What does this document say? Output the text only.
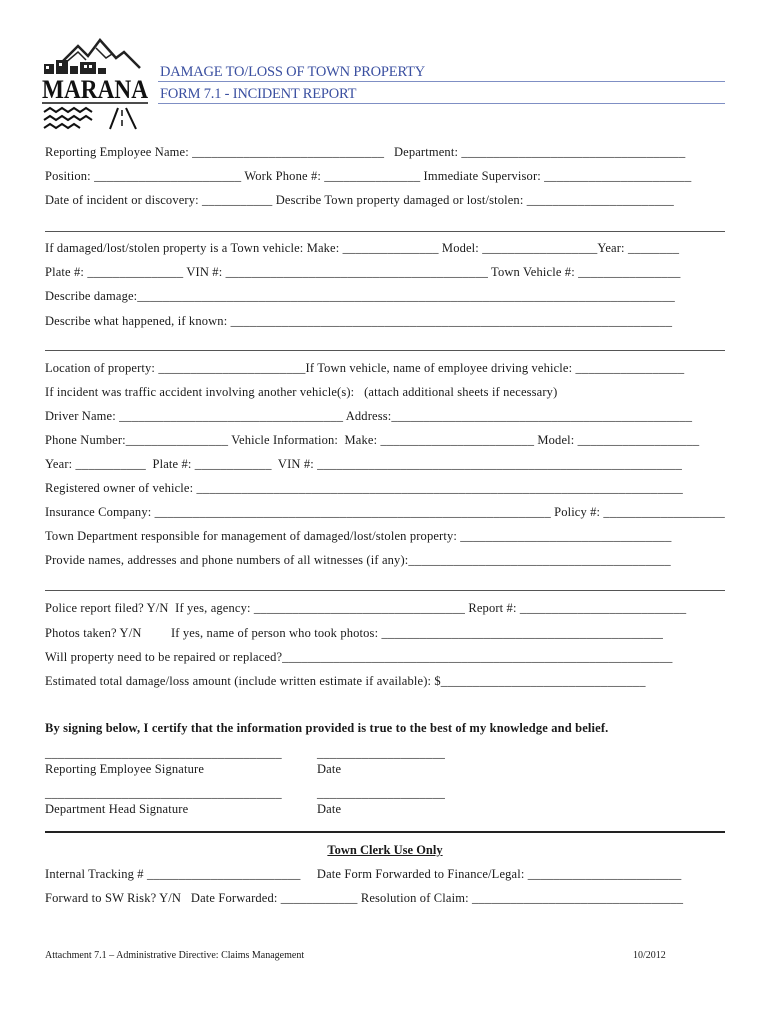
MARANA
DAMAGE TO/LOSS OF TOWN PROPERTY
FORM 7.1 - INCIDENT REPORT
Reporting Employee Name: ______________________________   Department: ___________________________________
Position: _______________________ Work Phone #: _______________ Immediate Supervisor: _______________________
Date of incident or discovery: ___________ Describe Town property damaged or lost/stolen: _______________________
If damaged/lost/stolen property is a Town vehicle: Make: _______________ Model: __________________Year: ________
Plate #: _______________ VIN #: _________________________________________ Town Vehicle #: ________________
Describe damage:____________________________________________________________________________________
Describe what happened, if known: _____________________________________________________________________
Location of property: _______________________If Town vehicle, name of employee driving vehicle: _________________
If incident was traffic accident involving another vehicle(s):   (attach additional sheets if necessary)
Driver Name: ___________________________________ Address:_______________________________________________
Phone Number:________________ Vehicle Information:  Make: ________________________ Model: ___________________
Year: ___________  Plate #: ____________  VIN #: _________________________________________________________
Registered owner of vehicle: ____________________________________________________________________________
Insurance Company: ______________________________________________________________ Policy #: ___________________
Town Department responsible for management of damaged/lost/stolen property: _________________________________
Provide names, addresses and phone numbers of all witnesses (if any):_________________________________________
Police report filed? Y/N  If yes, agency: _________________________________ Report #: __________________________
Photos taken? Y/N         If yes, name of person who took photos: ____________________________________________
Will property need to be repaired or replaced?_____________________________________________________________
Estimated total damage/loss amount (include written estimate if available): $________________________________
By signing below, I certify that the information provided is true to the best of my knowledge and belief.
_____________________________________	____________________
Reporting Employee Signature	Date
_____________________________________	____________________
Department Head Signature	Date
Town Clerk Use Only
Internal Tracking # ________________________     Date Form Forwarded to Finance/Legal: ________________________
Forward to SW Risk? Y/N   Date Forwarded: ____________ Resolution of Claim: _________________________________
Attachment 7.1 – Administrative Directive: Claims Management	10/2012
